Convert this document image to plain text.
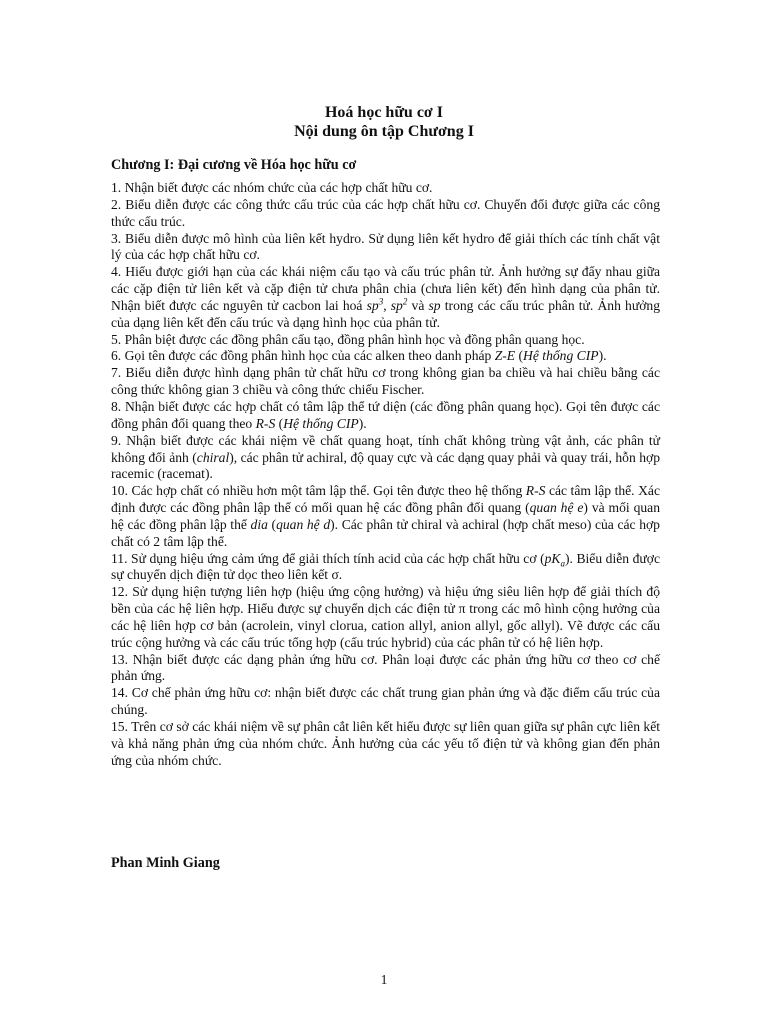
Hoá học hữu cơ I
Nội dung ôn tập Chương I
Chương I: Đại cương về Hóa học hữu cơ

1. Nhận biết được các nhóm chức của các hợp chất hữu cơ.

2. Biểu diễn được các công thức cấu trúc của các hợp chất hữu cơ. Chuyển đổi được giữa các công thức cấu trúc.

3. Biểu diễn được mô hình của liên kết hydro. Sử dụng liên kết hydro để giải thích các tính chất vật lý của các hợp chất hữu cơ.

4. Hiểu được giới hạn của các khái niệm cấu tạo và cấu trúc phân tử. Ảnh hưởng sự đẩy nhau giữa các cặp điện tử liên kết và cặp điện tử chưa phân chia (chưa liên kết) đến hình dạng của phân tử. Nhận biết được các nguyên tử cacbon lai hoá $sp^3$, $sp^2$ và sp trong các cấu trúc phân tử. Ảnh hưởng của dạng liên kết đến cấu trúc và dạng hình học của phân tử.

5. Phân biệt được các đồng phân cấu tạo, đồng phân hình học và đồng phân quang học.

6. Gọi tên được các đồng phân hình học của các alken theo danh pháp Z-E (Hệ thống CIP).

7. Biểu diễn được hình dạng phân tử chất hữu cơ trong không gian ba chiều và hai chiều bằng các công thức không gian 3 chiều và công thức chiếu Fischer.

8. Nhận biết được các hợp chất có tâm lập thể tứ diện (các đồng phân quang học). Gọi tên được các đồng phân đối quang theo R-S (Hệ thống CIP).

9. Nhận biết được các khái niệm về chất quang hoạt, tính chất không trùng vật ảnh, các phân tử không đổi ảnh (chiral), các phân tử achiral, độ quay cực và các dạng quay phải và quay trái, hỗn hợp racemic (racemat).

10. Các hợp chất có nhiều hơn một tâm lập thể. Gọi tên được theo hệ thống R-S các tâm lập thể. Xác định được các đồng phân lập thể có mối quan hệ các đồng phân đối quang (quan hệ e) và mối quan hệ các đồng phân lập thể dia (quan hệ d). Các phân tử chiral và achiral (hợp chất meso) của các hợp chất có 2 tâm lập thể.

11. Sử dụng hiệu ứng cảm ứng để giải thích tính acid của các hợp chất hữu cơ $(pK_a)$. Biểu diễn được sự chuyển dịch điện tử dọc theo liên kết σ.

12. Sử dụng hiện tượng liên hợp (hiệu ứng cộng hưởng) và hiệu ứng siêu liên hợp để giải thích độ bền của các hệ liên hợp. Hiểu được sự chuyển dịch các điện tử π trong các mô hình cộng hưởng của các hệ liên hợp cơ bản (acrolein, vinyl clorua, cation allyl, anion allyl, gốc allyl). Vẽ được các cấu trúc cộng hưởng và các cấu trúc tổng hợp (cấu trúc hybrid) của các phân tử có hệ liên hợp.

13. Nhận biết được các dạng phản ứng hữu cơ. Phân loại được các phản ứng hữu cơ theo cơ chế phản ứng.

14. Cơ chế phản ứng hữu cơ: nhận biết được các chất trung gian phản ứng và đặc điểm cấu trúc của chúng.

15. Trên cơ sở các khái niệm về sự phân cắt liên kết hiểu được sự liên quan giữa sự phân cực liên kết và khả năng phản ứng của nhóm chức. Ảnh hưởng của các yếu tố điện tử và không gian đến phản ứng của nhóm chức.

Phan Minh Giang
1
